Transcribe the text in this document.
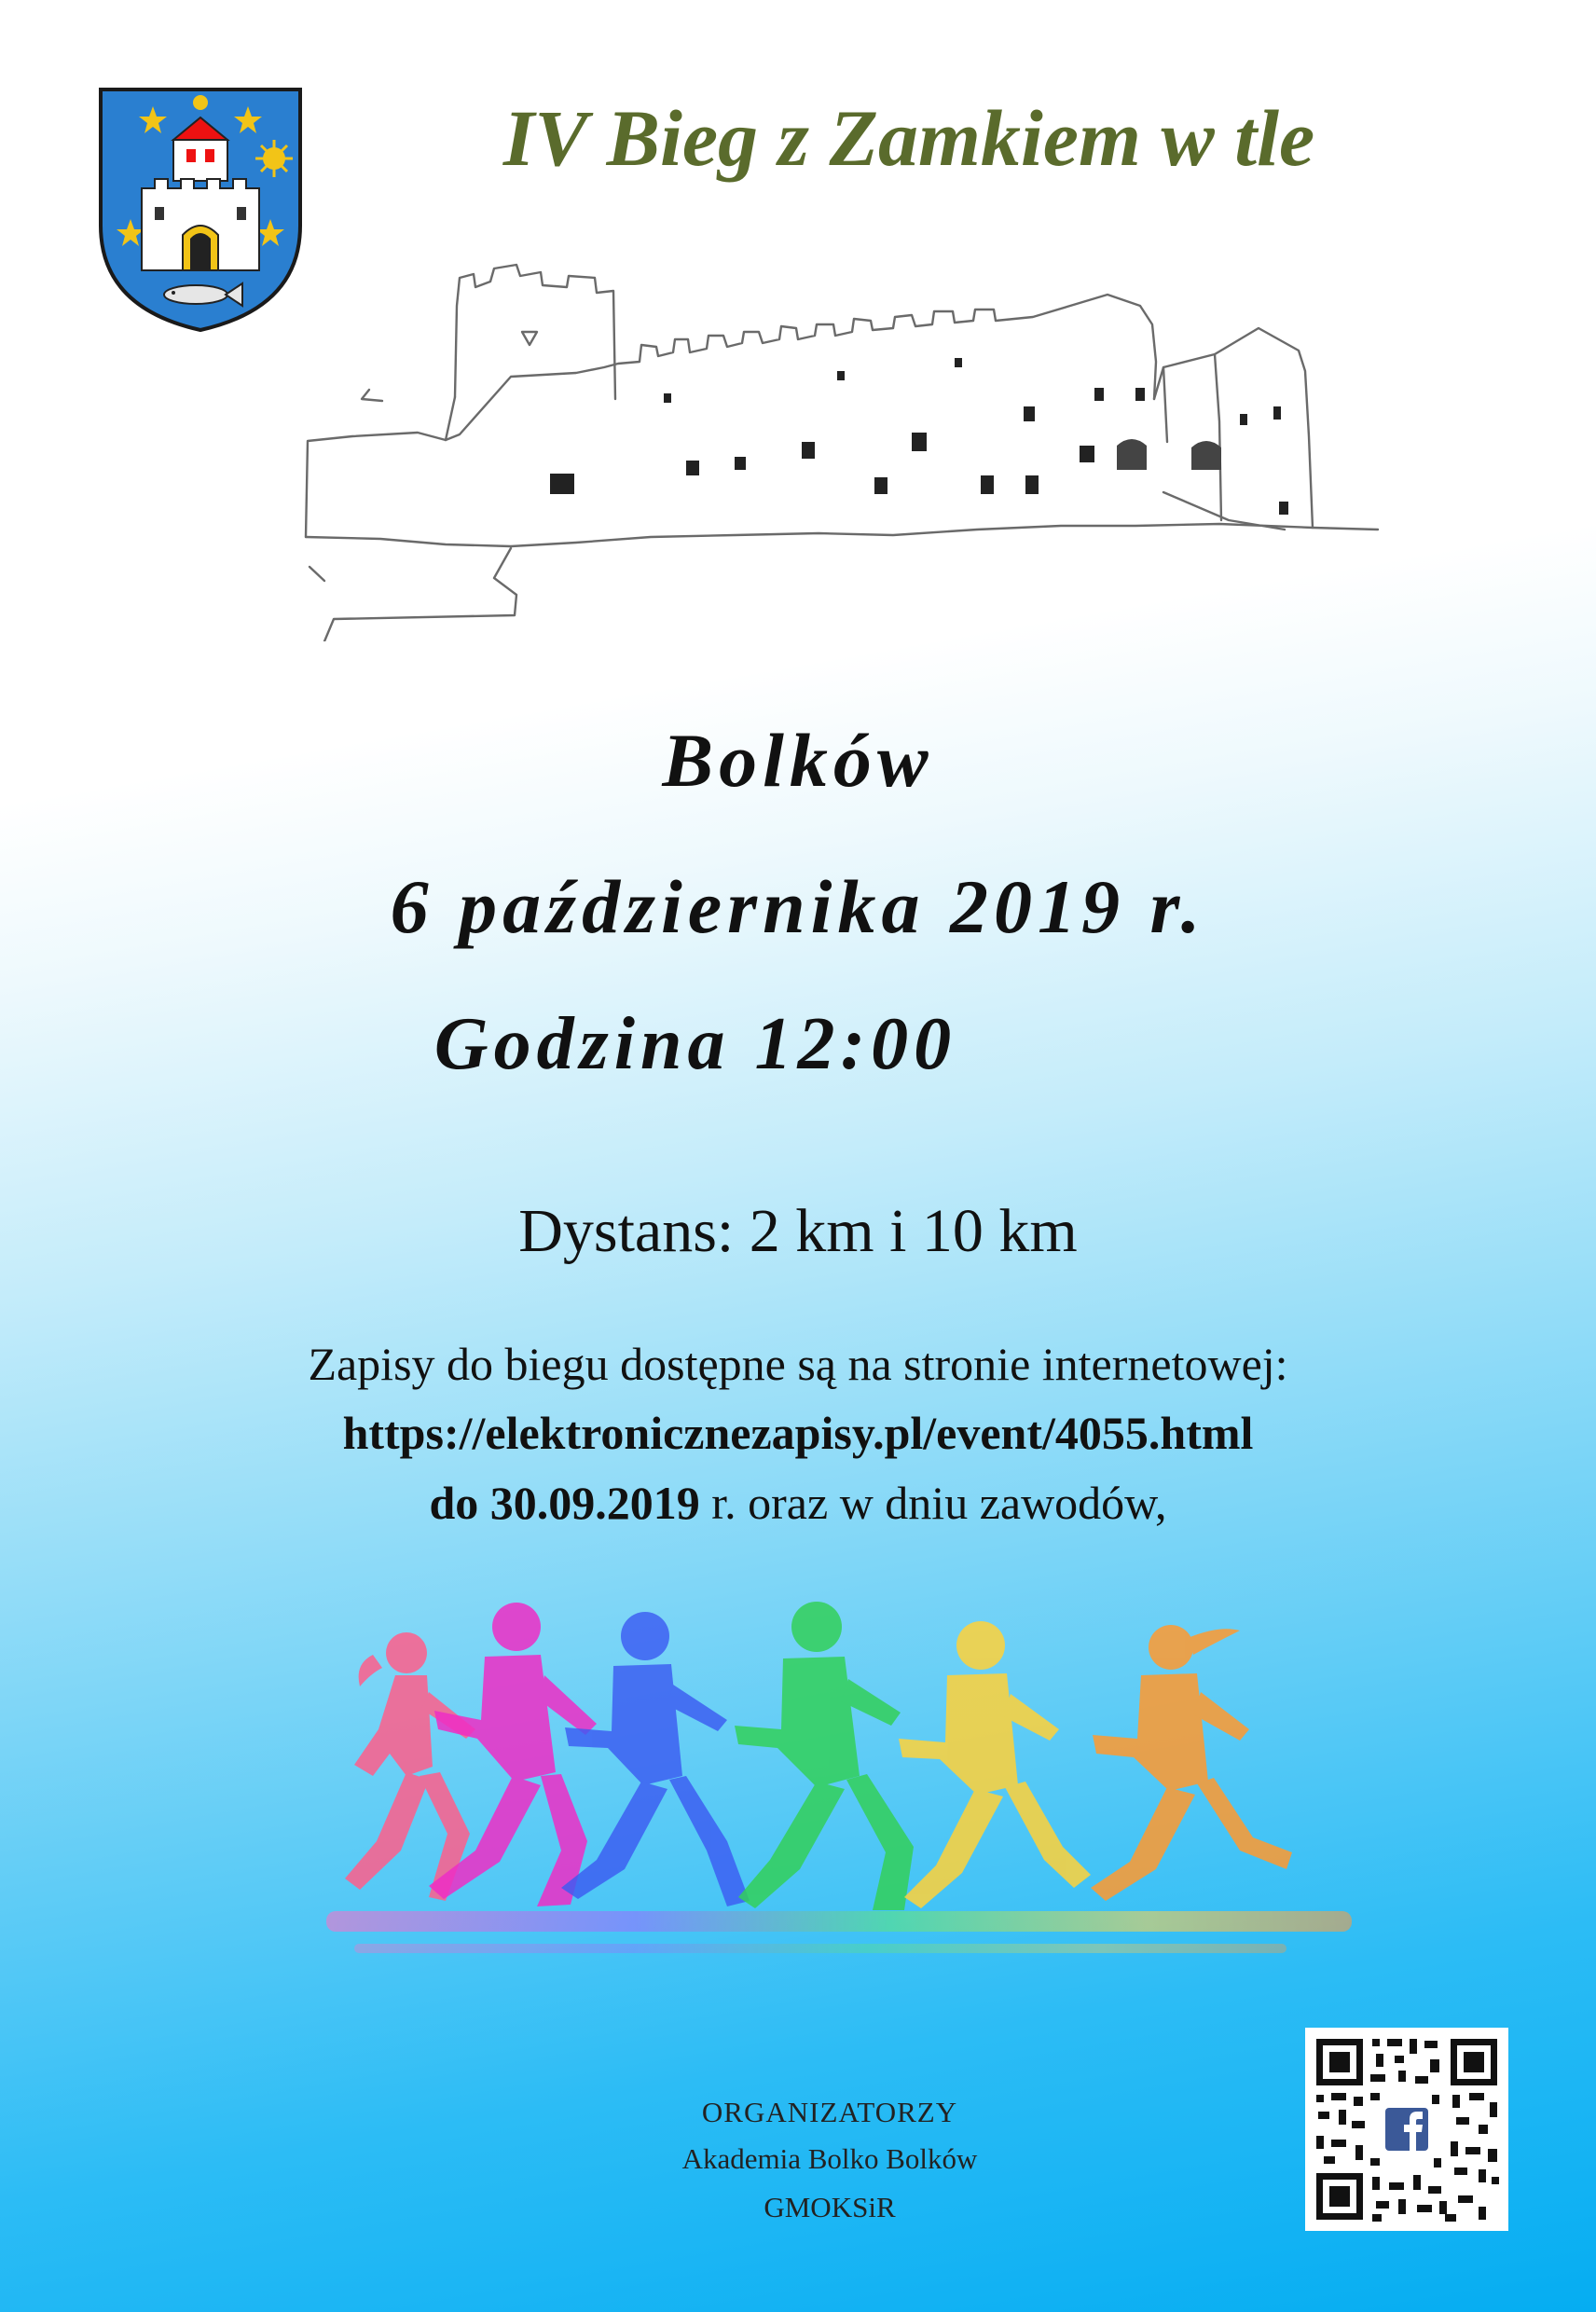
IV Bieg z Zamkiem w tle
Bolków
6 października 2019 r.
Godzina 12:00
Dystans: 2 km i 10 km
Zapisy do biegu dostępne są na stronie internetowej:
https://elektronicznezapisy.pl/event/4055.html
do 30.09.2019 r. oraz w dniu zawodów,
ORGANIZATORZY
Akademia Bolko Bolków
GMOKSiR
